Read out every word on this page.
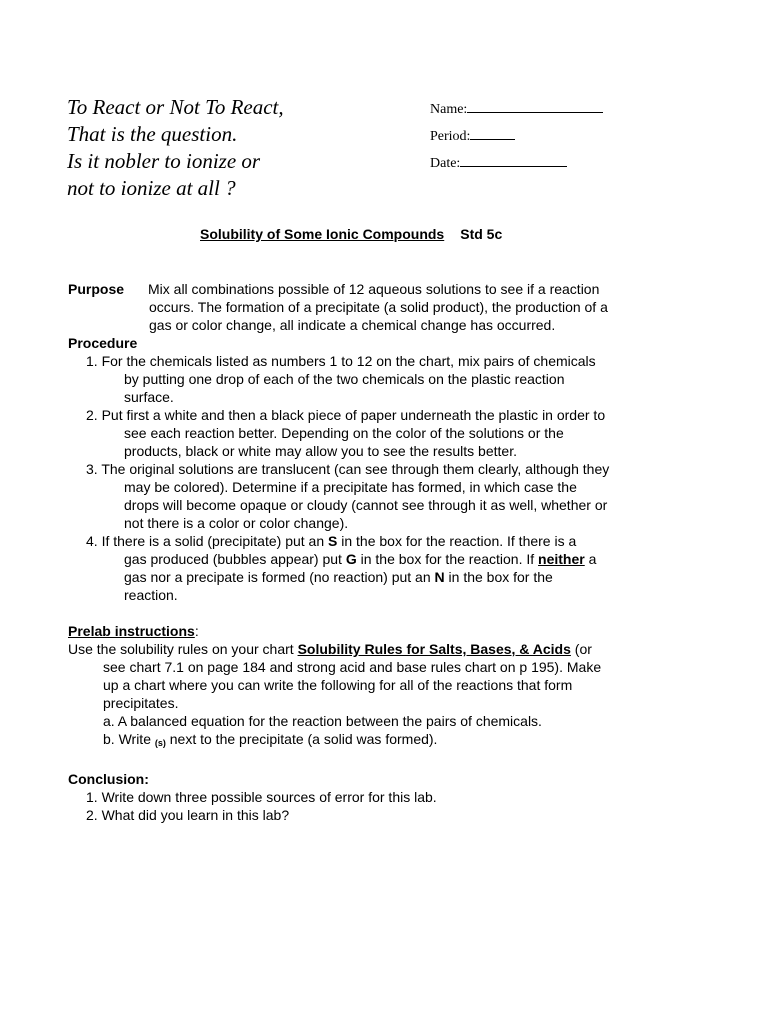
To React or Not To React,
That is the question.
Is it nobler to ionize or
not to ionize at all ?
Name:
Period:
Date:
Solubility of Some Ionic Compounds Std 5c
Purpose Mix all combinations possible of 12 aqueous solutions to see if a reaction
occurs. The formation of a precipitate (a solid product), the production of a
gas or color change, all indicate a chemical change has occurred.
Procedure
1. For the chemicals listed as numbers 1 to 12 on the chart, mix pairs of chemicals
by putting one drop of each of the two chemicals on the plastic reaction
surface.
2. Put first a white and then a black piece of paper underneath the plastic in order to
see each reaction better. Depending on the color of the solutions or the
products, black or white may allow you to see the results better.
3. The original solutions are translucent (can see through them clearly, although they
may be colored). Determine if a precipitate has formed, in which case the
drops will become opaque or cloudy (cannot see through it as well, whether or
not there is a color or color change).
4. If there is a solid (precipitate) put an S in the box for the reaction. If there is a
gas produced (bubbles appear) put G in the box for the reaction. If neither a
gas nor a precipate is formed (no reaction) put an N in the box for the
reaction.
Prelab instructions:
Use the solubility rules on your chart Solubility Rules for Salts, Bases, & Acids (or
see chart 7.1 on page 184 and strong acid and base rules chart on p 195). Make
up a chart where you can write the following for all of the reactions that form
precipitates.
a. A balanced equation for the reaction between the pairs of chemicals.
b. Write $_{(s)}$ next to the precipitate (a solid was formed).
Conclusion:
1. Write down three possible sources of error for this lab.
2. What did you learn in this lab?
